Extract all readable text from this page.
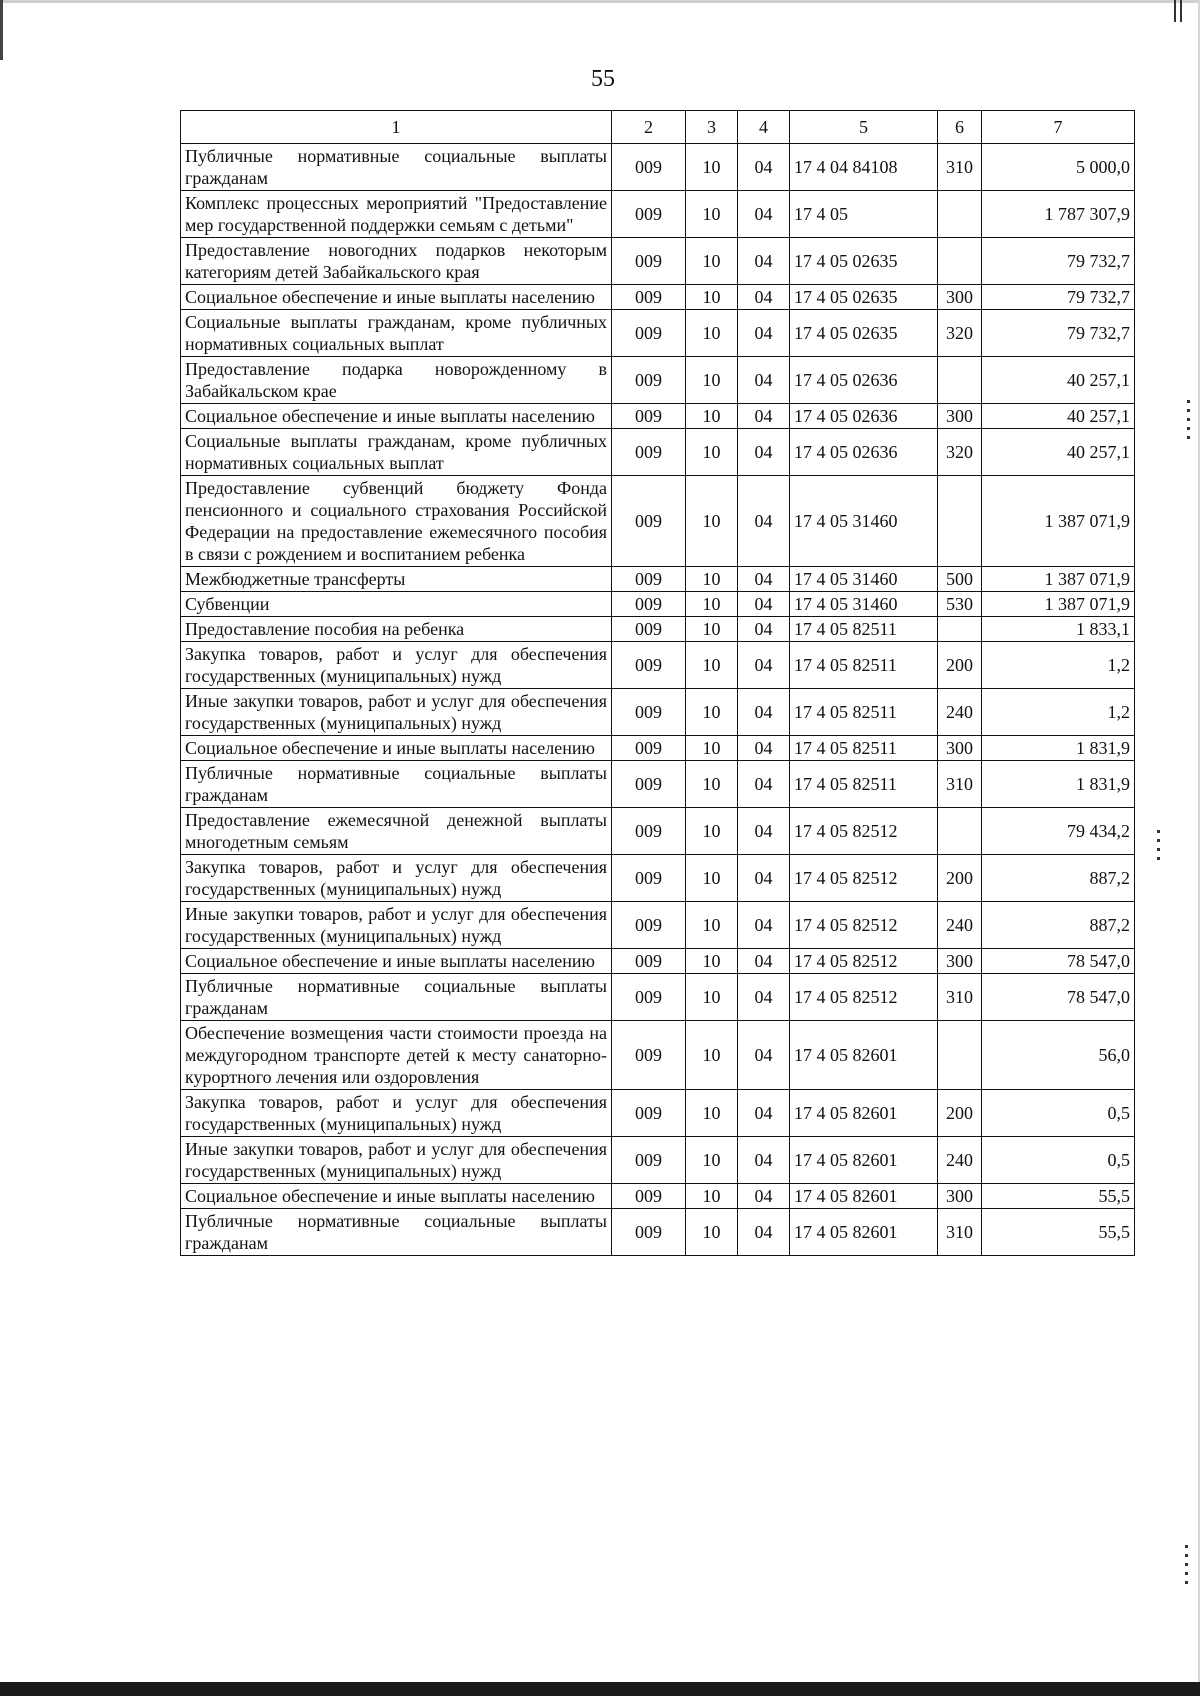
55
1	2	3	4	5	6	7
Публичные нормативные социальные выплаты гражданам	009	10	04	17 4 04 84108	310	5 000,0
Комплекс процессных мероприятий "Предоставление мер государственной поддержки семьям с детьми"	009	10	04	17 4 05		1 787 307,9
Предоставление новогодних подарков некоторым категориям детей Забайкальского края	009	10	04	17 4 05 02635		79 732,7
Социальное обеспечение и иные выплаты населению	009	10	04	17 4 05 02635	300	79 732,7
Социальные выплаты гражданам, кроме публичных нормативных социальных выплат	009	10	04	17 4 05 02635	320	79 732,7
Предоставление подарка новорожденному в Забайкальском крае	009	10	04	17 4 05 02636		40 257,1
Социальное обеспечение и иные выплаты населению	009	10	04	17 4 05 02636	300	40 257,1
Социальные выплаты гражданам, кроме публичных нормативных социальных выплат	009	10	04	17 4 05 02636	320	40 257,1
Предоставление субвенций бюджету Фонда пенсионного и социального страхования Российской Федерации на предоставление ежемесячного пособия в связи с рождением и воспитанием ребенка	009	10	04	17 4 05 31460		1 387 071,9
Межбюджетные трансферты	009	10	04	17 4 05 31460	500	1 387 071,9
Субвенции	009	10	04	17 4 05 31460	530	1 387 071,9
Предоставление пособия на ребенка	009	10	04	17 4 05 82511		1 833,1
Закупка товаров, работ и услуг для обеспечения государственных (муниципальных) нужд	009	10	04	17 4 05 82511	200	1,2
Иные закупки товаров, работ и услуг для обеспечения государственных (муниципальных) нужд	009	10	04	17 4 05 82511	240	1,2
Социальное обеспечение и иные выплаты населению	009	10	04	17 4 05 82511	300	1 831,9
Публичные нормативные социальные выплаты гражданам	009	10	04	17 4 05 82511	310	1 831,9
Предоставление ежемесячной денежной выплаты многодетным семьям	009	10	04	17 4 05 82512		79 434,2
Закупка товаров, работ и услуг для обеспечения государственных (муниципальных) нужд	009	10	04	17 4 05 82512	200	887,2
Иные закупки товаров, работ и услуг для обеспечения государственных (муниципальных) нужд	009	10	04	17 4 05 82512	240	887,2
Социальное обеспечение и иные выплаты населению	009	10	04	17 4 05 82512	300	78 547,0
Публичные нормативные социальные выплаты гражданам	009	10	04	17 4 05 82512	310	78 547,0
Обеспечение возмещения части стоимости проезда на междугородном транспорте детей к месту санаторно-курортного лечения или оздоровления	009	10	04	17 4 05 82601		56,0
Закупка товаров, работ и услуг для обеспечения государственных (муниципальных) нужд	009	10	04	17 4 05 82601	200	0,5
Иные закупки товаров, работ и услуг для обеспечения государственных (муниципальных) нужд	009	10	04	17 4 05 82601	240	0,5
Социальное обеспечение и иные выплаты населению	009	10	04	17 4 05 82601	300	55,5
Публичные нормативные социальные выплаты гражданам	009	10	04	17 4 05 82601	310	55,5
